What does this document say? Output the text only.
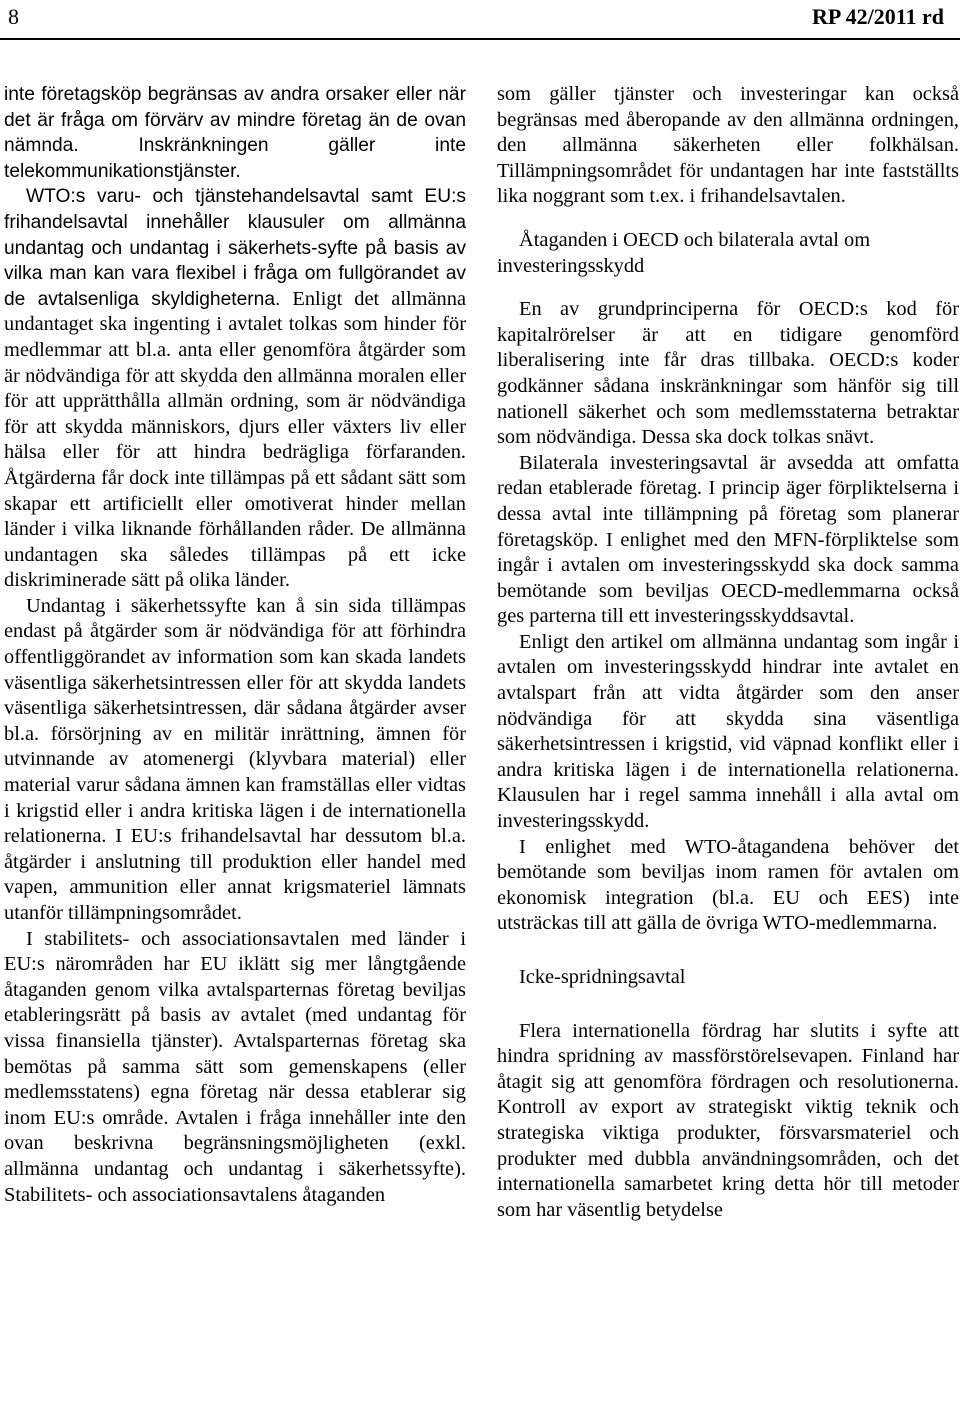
8	RP 42/2011 rd

inte företagsköp begränsas av andra orsaker eller när det är fråga om förvärv av mindre företag än de ovan nämnda. Inskränkningen gäller inte telekommunikationstjänster.

WTO:s varu- och tjänstehandelsavtal samt EU:s frihandelsavtal innehåller klausuler om allmänna undantag och undantag i säkerhets-syfte på basis av vilka man kan vara flexibel i fråga om fullgörandet av de avtalsenliga skyldigheterna. Enligt det allmänna undantaget ska ingenting i avtalet tolkas som hinder för medlemmar att bl.a. anta eller genomföra åtgärder som är nödvändiga för att skydda den allmänna moralen eller för att upprätthålla allmän ordning, som är nödvändiga för att skydda människors, djurs eller växters liv eller hälsa eller för att hindra bedrägliga förfaranden. Åtgärderna får dock inte tillämpas på ett sådant sätt som skapar ett artificiellt eller omotiverat hinder mellan länder i vilka liknande förhållanden råder. De allmänna undantagen ska således tillämpas på ett icke diskriminerade sätt på olika länder.

Undantag i säkerhetssyfte kan å sin sida tillämpas endast på åtgärder som är nödvändiga för att förhindra offentliggörandet av information som kan skada landets väsentliga säkerhetsintressen eller för att skydda landets väsentliga säkerhetsintressen, där sådana åtgärder avser bl.a. försörjning av en militär inrättning, ämnen för utvinnande av atomenergi (klyvbara material) eller material varur sådana ämnen kan framställas eller vidtas i krigstid eller i andra kritiska lägen i de internationella relationerna. I EU:s frihandelsavtal har dessutom bl.a. åtgärder i anslutning till produktion eller handel med vapen, ammunition eller annat krigsmateriel lämnats utanför tillämpningsområdet.

I stabilitets- och associationsavtalen med länder i EU:s närområden har EU iklätt sig mer långtgående åtaganden genom vilka avtalsparternas företag beviljas etableringsrätt på basis av avtalet (med undantag för vissa finansiella tjänster). Avtalsparternas företag ska bemötas på samma sätt som gemenskapens (eller medlemsstatens) egna företag när dessa etablerar sig inom EU:s område. Avtalen i fråga innehåller inte den ovan beskrivna begränsningsmöjligheten (exkl. allmänna undantag och undantag i säkerhetssyfte). Stabilitets- och associationsavtalens åtaganden

som gäller tjänster och investeringar kan också begränsas med åberopande av den allmänna ordningen, den allmänna säkerheten eller folkhälsan. Tillämpningsområdet för undantagen har inte fastställts lika noggrant som t.ex. i frihandelsavtalen.

Åtaganden i OECD och bilaterala avtal om investeringsskydd

En av grundprinciperna för OECD:s kod för kapitalrörelser är att en tidigare genomförd liberalisering inte får dras tillbaka. OECD:s koder godkänner sådana inskränkningar som hänför sig till nationell säkerhet och som medlemsstaterna betraktar som nödvändiga. Dessa ska dock tolkas snävt.

Bilaterala investeringsavtal är avsedda att omfatta redan etablerade företag. I princip äger förpliktelserna i dessa avtal inte tillämpning på företag som planerar företagsköp. I enlighet med den MFN-förpliktelse som ingår i avtalen om investeringsskydd ska dock samma bemötande som beviljas OECD-medlemmarna också ges parterna till ett investeringsskyddsavtal.

Enligt den artikel om allmänna undantag som ingår i avtalen om investeringsskydd hindrar inte avtalet en avtalspart från att vidta åtgärder som den anser nödvändiga för att skydda sina väsentliga säkerhetsintressen i krigstid, vid väpnad konflikt eller i andra kritiska lägen i de internationella relationerna. Klausulen har i regel samma innehåll i alla avtal om investeringsskydd.

I enlighet med WTO-åtagandena behöver det bemötande som beviljas inom ramen för avtalen om ekonomisk integration (bl.a. EU och EES) inte utsträckas till att gälla de övriga WTO-medlemmarna.

Icke-spridningsavtal

Flera internationella fördrag har slutits i syfte att hindra spridning av massförstörelsevapen. Finland har åtagit sig att genomföra fördragen och resolutionerna. Kontroll av export av strategiskt viktig teknik och strategiska viktiga produkter, försvarsmateriel och produkter med dubbla användningsområden, och det internationella samarbetet kring detta hör till metoder som har väsentlig betydelse
